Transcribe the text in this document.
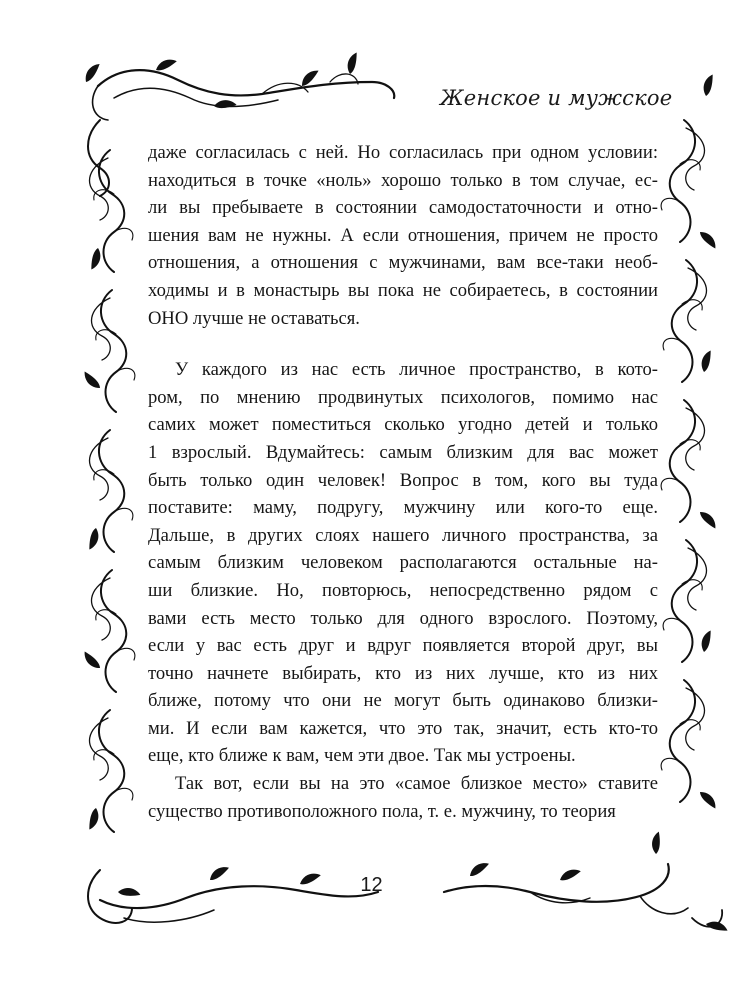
Женское и мужское
даже согласилась с ней. Но согласилась при одном условии:
находиться в точке «ноль» хорошо только в том случае, ес-
ли вы пребываете в состоянии самодостаточности и отно-
шения вам не нужны. А если отношения, причем не просто
отношения, а отношения с мужчинами, вам все-таки необ-
ходимы и в монастырь вы пока не собираетесь, в состоянии
ОНО лучше не оставаться.
У каждого из нас есть личное пространство, в кото-
ром, по мнению продвинутых психологов, помимо нас
самих может поместиться сколько угодно детей и только
1 взрослый. Вдумайтесь: самым близким для вас может
быть только один человек! Вопрос в том, кого вы туда
поставите: маму, подругу, мужчину или кого-то еще.
Дальше, в других слоях нашего личного пространства, за
самым близким человеком располагаются остальные на-
ши близкие. Но, повторюсь, непосредственно рядом с
вами есть место только для одного взрослого. Поэтому,
если у вас есть друг и вдруг появляется второй друг, вы
точно начнете выбирать, кто из них лучше, кто из них
ближе, потому что они не могут быть одинаково близки-
ми. И если вам кажется, что это так, значит, есть кто-то
еще, кто ближе к вам, чем эти двое. Так мы устроены.
Так вот, если вы на это «самое близкое место» ставите
существо противоположного пола, т. е. мужчину, то теория
12
